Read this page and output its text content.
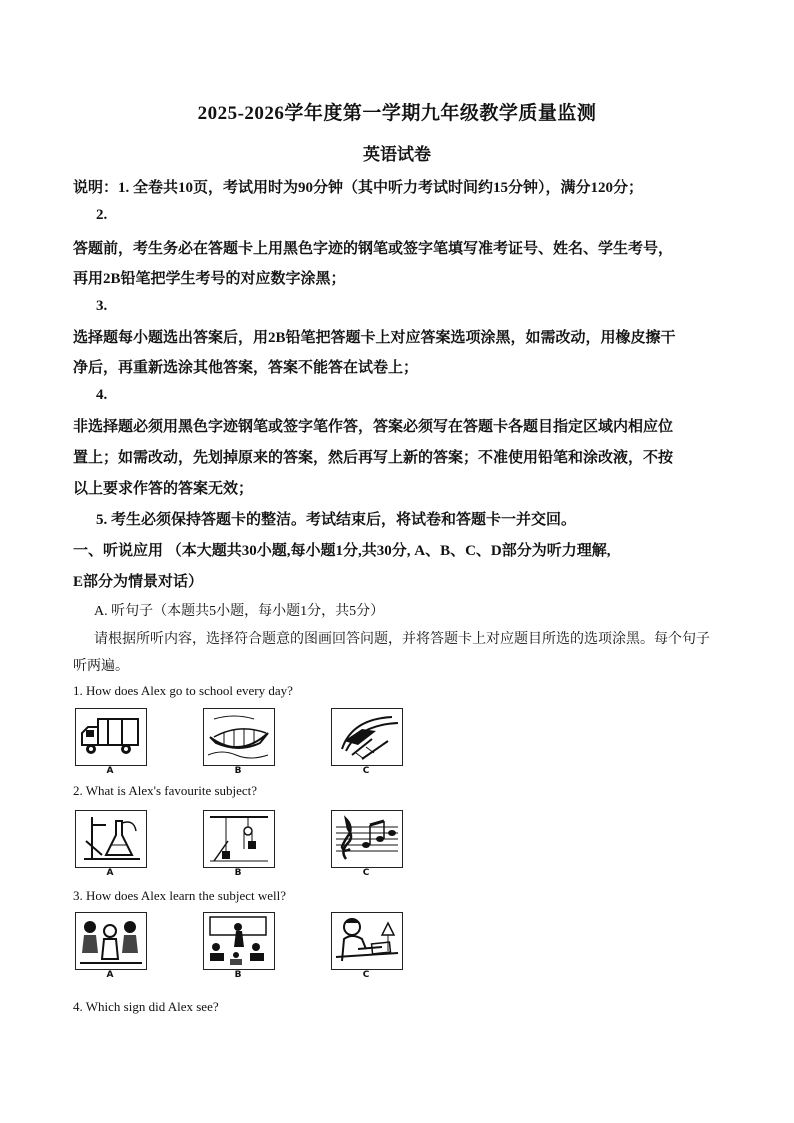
2025-2026学年度第一学期九年级教学质量监测
英语试卷
说明：1. 全卷共10页，考试用时为90分钟（其中听力考试时间约15分钟），满分120分；
2.
答题前，考生务必在答题卡上用黑色字迹的钢笔或签字笔填写准考证号、姓名、学生考号，
再用2B铅笔把学生考号的对应数字涂黑；
3.
选择题每小题选出答案后，用2B铅笔把答题卡上对应答案选项涂黑，如需改动，用橡皮擦干
净后，再重新选涂其他答案，答案不能答在试卷上；
4.
非选择题必须用黑色字迹钢笔或签字笔作答，答案必须写在答题卡各题目指定区域内相应位
置上；如需改动，先划掉原来的答案，然后再写上新的答案；不准使用铅笔和涂改液，不按
以上要求作答的答案无效；
5. 考生必须保持答题卡的整洁。考试结束后，将试卷和答题卡一并交回。
一、听说应用 （本大题共30小题,每小题1分,共30分, A、B、C、D部分为听力理解,
E部分为情景对话）
A. 听句子（本题共5小题，每小题1分，共5分）
请根据所听内容，选择符合题意的图画回答问题，并将答题卡上对应题目所选的选项涂黑。每个句子
听两遍。
1. How does Alex go to school every day?
A	B	C
2. What is Alex's favourite subject?
A	B	C
3. How does Alex learn the subject well?
A	B	C
4. Which sign did Alex see?
